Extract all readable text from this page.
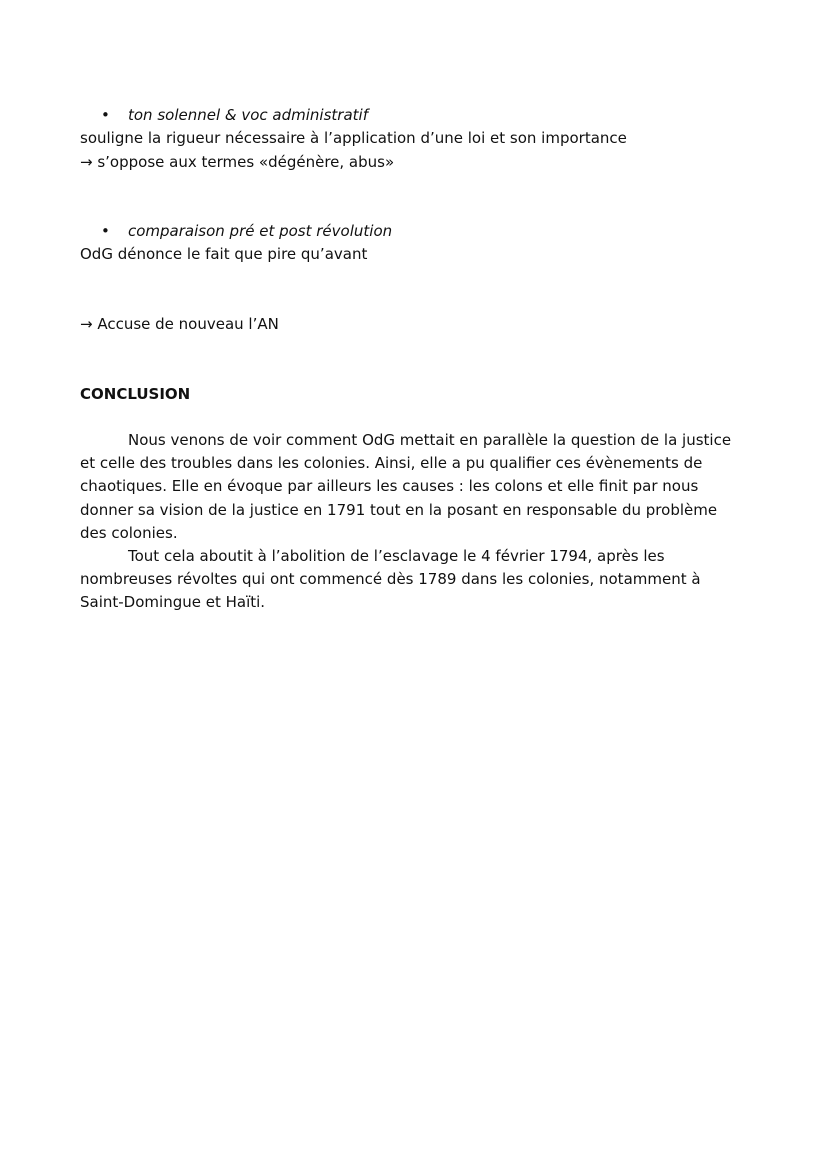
• ton solennel & voc administratif
souligne la rigueur nécessaire à l’application d’une loi et son importance
→ s’oppose aux termes «dégénère, abus»
• comparaison pré et post révolution
OdG dénonce le fait que pire qu’avant
→ Accuse de nouveau l’AN
CONCLUSION
Nous venons de voir comment OdG mettait en parallèle la question de la justice
et celle des troubles dans les colonies. Ainsi, elle a pu qualifier ces évènements de
chaotiques. Elle en évoque par ailleurs les causes : les colons et elle finit par nous
donner sa vision de la justice en 1791 tout en la posant en responsable du problème
des colonies.
Tout cela aboutit à l’abolition de l’esclavage le 4 février 1794, après les
nombreuses révoltes qui ont commencé dès 1789 dans les colonies, notamment à
Saint-Domingue et Haïti.
